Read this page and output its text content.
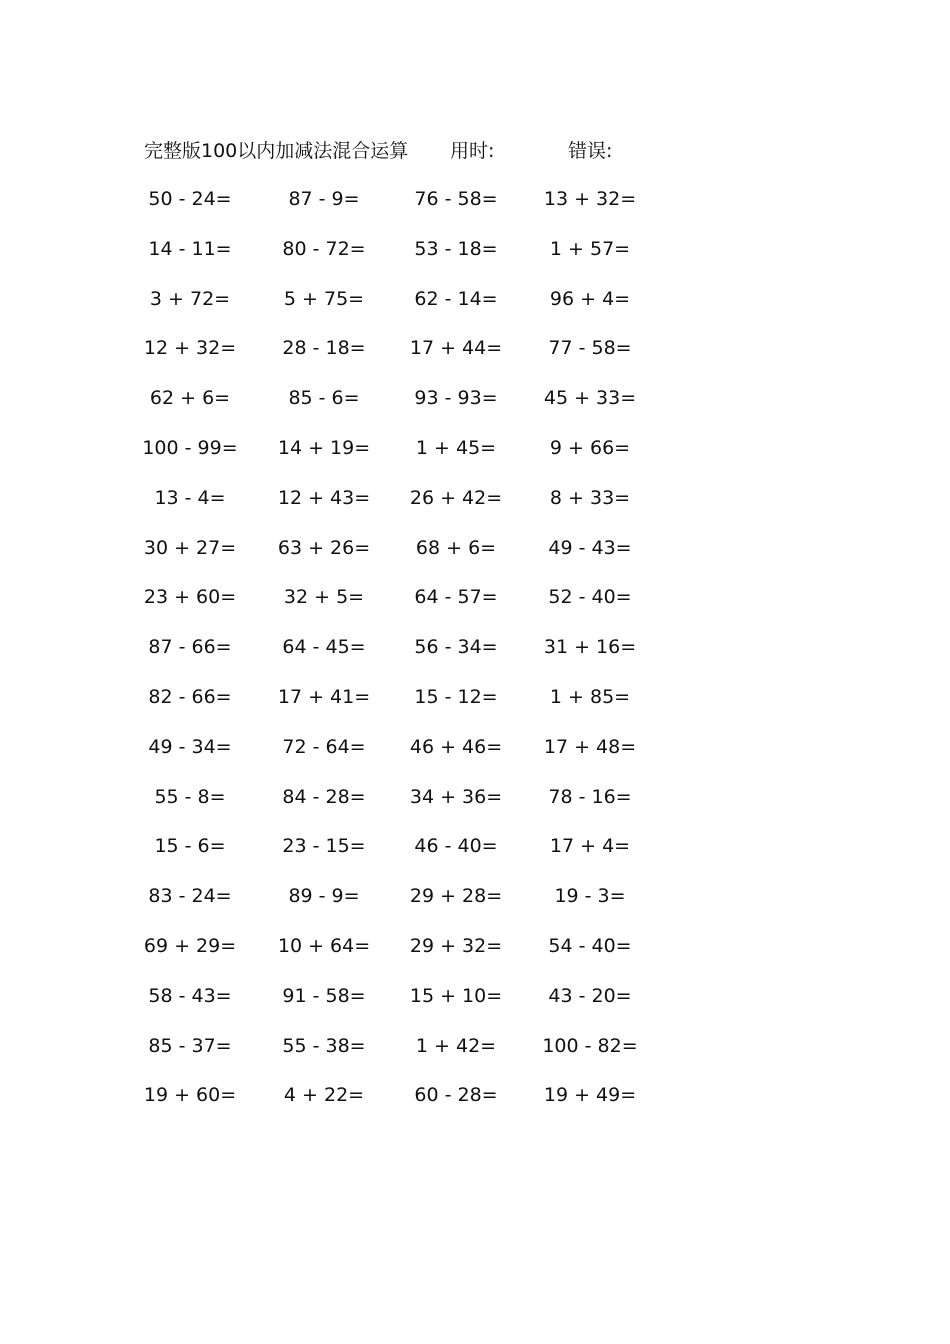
完整版100以内加减法混合运算 用时:	错误:
50 - 24=	87 - 9=	76 - 58=	13 + 32=
14 - 11=	80 - 72=	53 - 18=	1 + 57=
3 + 72=	5 + 75=	62 - 14=	96 + 4=
12 + 32=	28 - 18=	17 + 44=	77 - 58=
62 + 6=	85 - 6=	93 - 93=	45 + 33=
100 - 99=	14 + 19=	1 + 45=	9 + 66=
13 - 4=	12 + 43=	26 + 42=	8 + 33=
30 + 27=	63 + 26=	68 + 6=	49 - 43=
23 + 60=	32 + 5=	64 - 57=	52 - 40=
87 - 66=	64 - 45=	56 - 34=	31 + 16=
82 - 66=	17 + 41=	15 - 12=	1 + 85=
49 - 34=	72 - 64=	46 + 46=	17 + 48=
55 - 8=	84 - 28=	34 + 36=	78 - 16=
15 - 6=	23 - 15=	46 - 40=	17 + 4=
83 - 24=	89 - 9=	29 + 28=	19 - 3=
69 + 29=	10 + 64=	29 + 32=	54 - 40=
58 - 43=	91 - 58=	15 + 10=	43 - 20=
85 - 37=	55 - 38=	1 + 42=	100 - 82=
19 + 60=	4 + 22=	60 - 28=	19 + 49=
